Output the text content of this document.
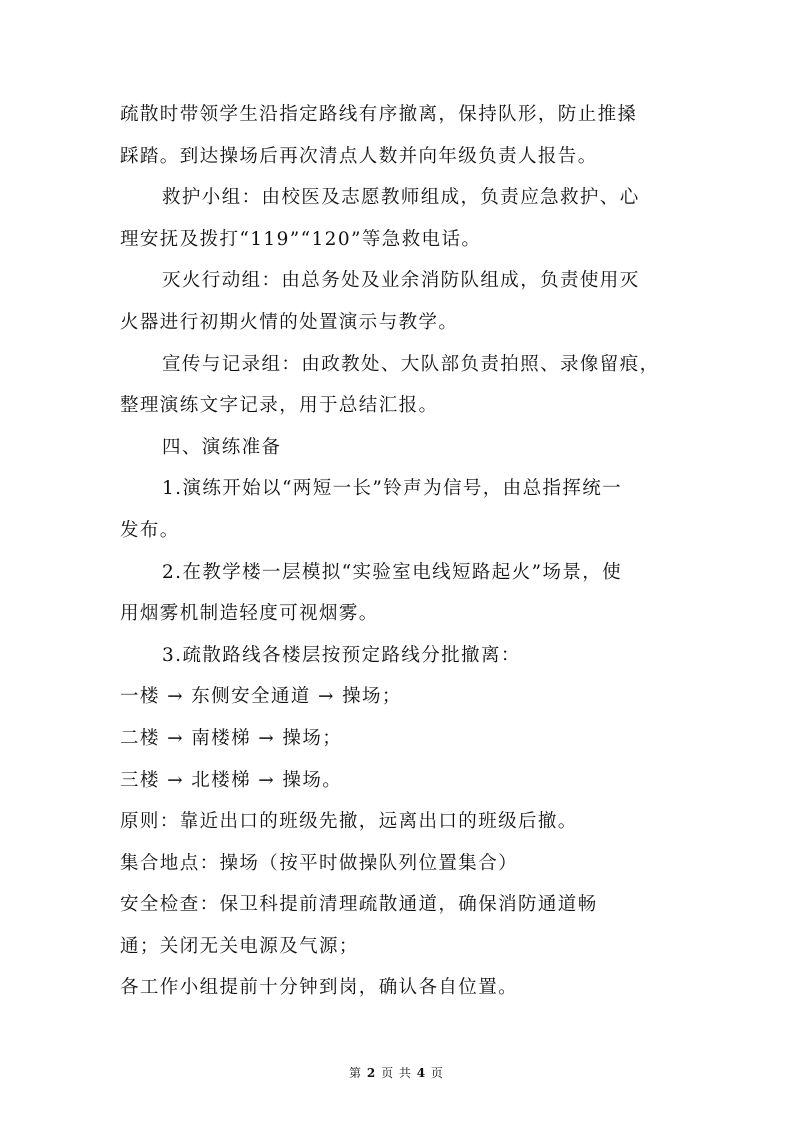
疏散时带领学生沿指定路线有序撤离，保持队形，防止推搡
踩踏。到达操场后再次清点人数并向年级负责人报告。
救护小组：由校医及志愿教师组成，负责应急救护、心
理安抚及拨打“119”“120”等急救电话。
灭火行动组：由总务处及业余消防队组成，负责使用灭
火器进行初期火情的处置演示与教学。
宣传与记录组：由政教处、大队部负责拍照、录像留痕，
整理演练文字记录，用于总结汇报。
四、演练准备
1.演练开始以“两短一长”铃声为信号，由总指挥统一
发布。
2.在教学楼一层模拟“实验室电线短路起火”场景，使
用烟雾机制造轻度可视烟雾。
3.疏散路线各楼层按预定路线分批撤离：
一楼 → 东侧安全通道 → 操场；
二楼 → 南楼梯 → 操场；
三楼 → 北楼梯 → 操场。
原则：靠近出口的班级先撤，远离出口的班级后撤。
集合地点：操场（按平时做操队列位置集合）
安全检查：保卫科提前清理疏散通道，确保消防通道畅
通；关闭无关电源及气源；
各工作小组提前十分钟到岗，确认各自位置。
第 2 页 共 4 页
